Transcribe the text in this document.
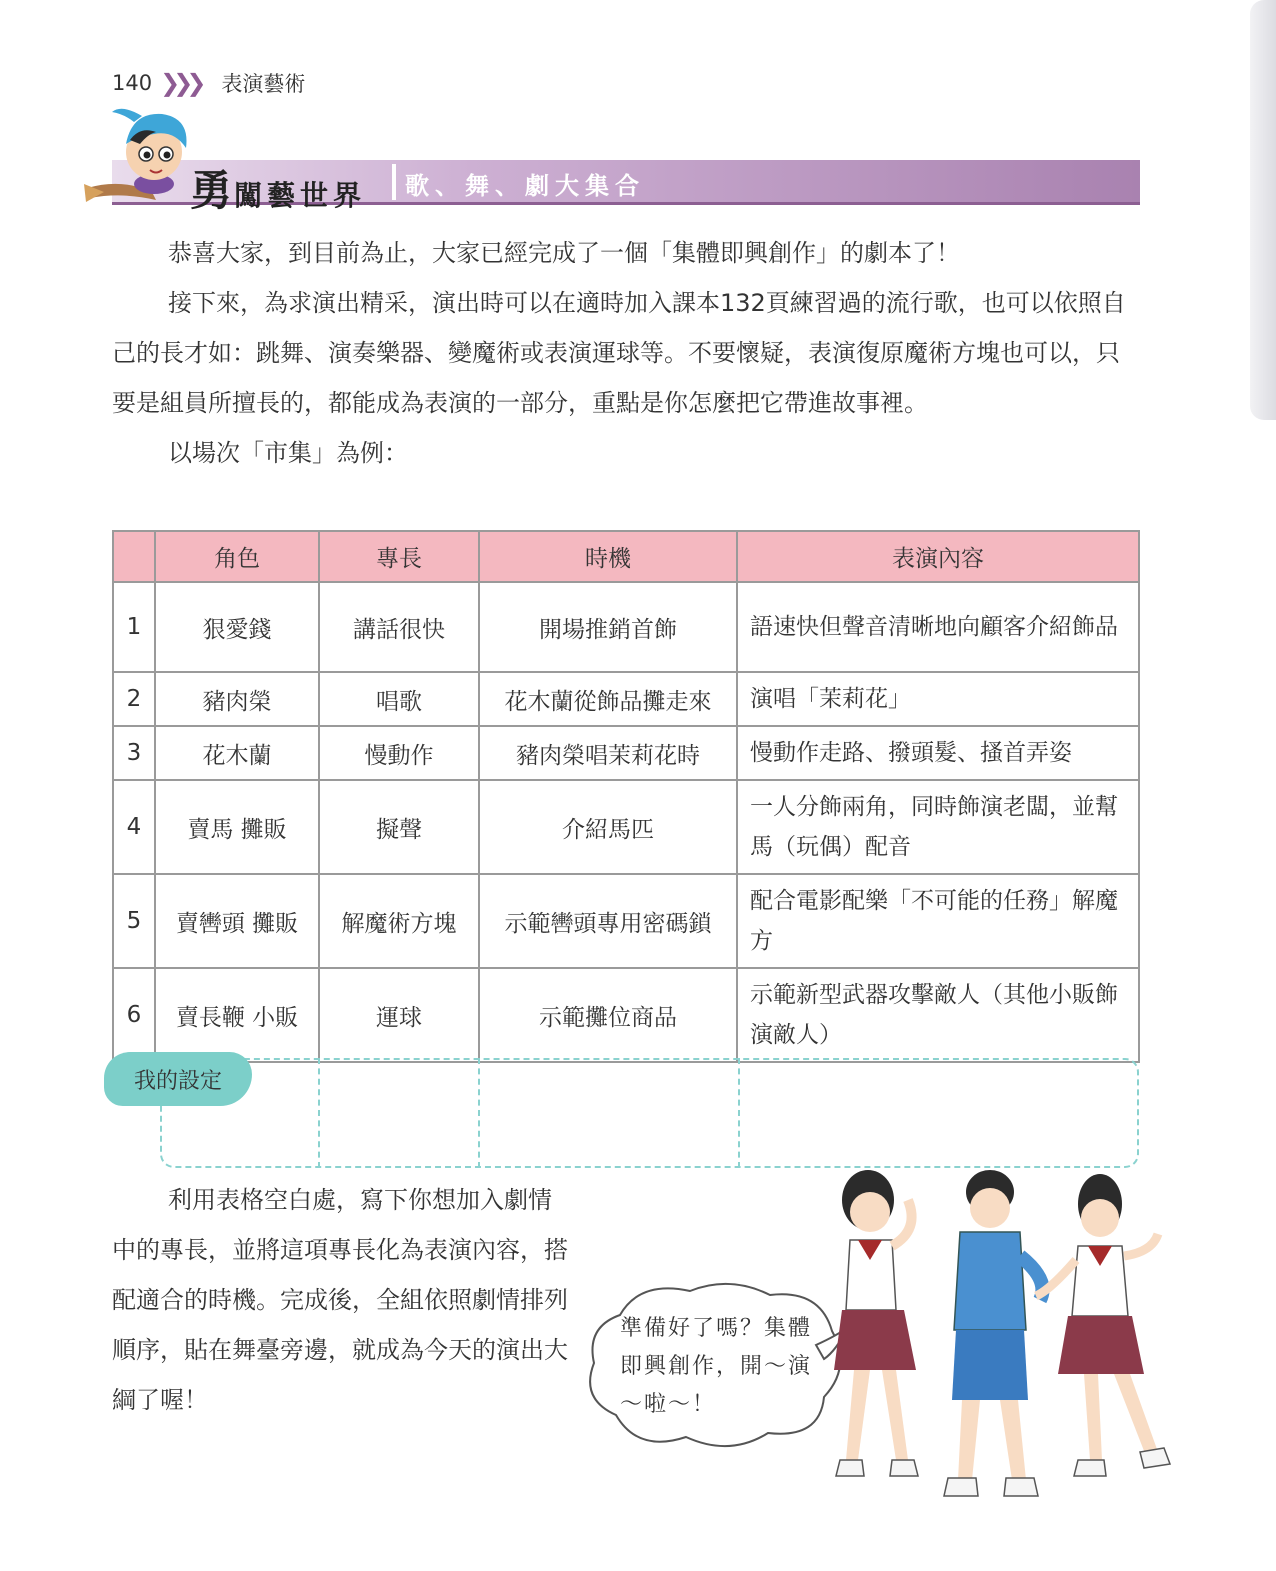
140 ❯❯❯ 表演藝術
勇闖藝世界 歌、舞、劇大集合

恭喜大家，到目前為止，大家已經完成了一個「集體即興創作」的劇本了！

接下來，為求演出精采，演出時可以在適時加入課本132頁練習過的流行歌，也可以依照自己的長才如：跳舞、演奏樂器、變魔術或表演運球等。不要懷疑，表演復原魔術方塊也可以，只要是組員所擅長的，都能成為表演的一部分，重點是你怎麼把它帶進故事裡。

以場次「市集」為例：

	角色	專長	時機	表演內容
1	狠愛錢	講話很快	開場推銷首飾	語速快但聲音清晰地向顧客介紹飾品
2	豬肉榮	唱歌	花木蘭從飾品攤走來	演唱「茉莉花」
3	花木蘭	慢動作	豬肉榮唱茉莉花時	慢動作走路、撥頭髮、搔首弄姿
4	賣馬 攤販	擬聲	介紹馬匹	一人分飾兩角，同時飾演老闆，並幫馬（玩偶）配音
5	賣轡頭 攤販	解魔術方塊	示範轡頭專用密碼鎖	配合電影配樂「不可能的任務」解魔方
6	賣長鞭 小販	運球	示範攤位商品	示範新型武器攻擊敵人（其他小販飾演敵人）
我的設定

利用表格空白處，寫下你想加入劇情中的專長，並將這項專長化為表演內容，搭配適合的時機。完成後，全組依照劇情排列順序，貼在舞臺旁邊，就成為今天的演出大綱了喔！

準備好了嗎？集體即興創作，開～演～啦～！
